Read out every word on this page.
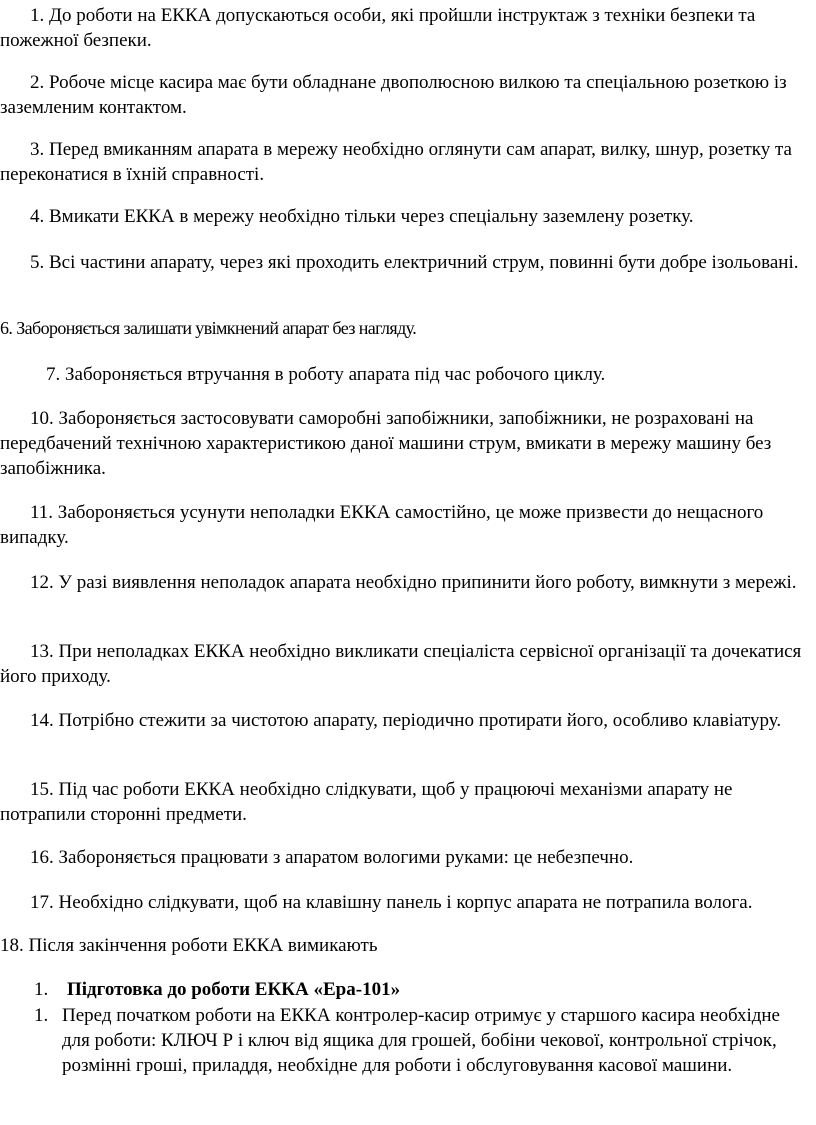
1. До роботи на ЕККА допускаються особи, які пройшли інструктаж з техніки безпеки та пожежної безпеки.

2. Робоче місце касира має бути обладнане двополюсною вилкою та спеціальною розеткою із заземленим контактом.

3. Перед вмиканням апарата в мережу необхідно оглянути сам апарат, вилку, шнур, розетку та переконатися в їхній справності.

4. Вмикати ЕККА в мережу необхідно тільки через спеціальну заземлену розетку.

5. Всі частини апарату, через які проходить електричний струм, повинні бути добре ізольовані.

6. Забороняється залишати увімкнений апарат без нагляду.

7. Забороняється втручання в роботу апарата під час робочого циклу.

10. Забороняється застосовувати саморобні запобіжники, запобіжники, не розраховані на передбачений технічною характеристикою даної машини струм, вмикати в мережу машину без запобіжника.

11. Забороняється усунути неполадки ЕККА самостійно, це може призвести до нещасного випадку.

12. У разі виявлення неполадок апарата необхідно припинити його роботу, вимкнути з мережі.

13. При неполадках ЕККА необхідно викликати спеціаліста сервісної організації та дочекатися його приходу.

14. Потрібно стежити за чистотою апарату, періодично протирати його, особливо клавіатуру.

15. Під час роботи ЕККА необхідно слідкувати, щоб у працюючі механізми апарату не потрапили сторонні предмети.

16. Забороняється працювати з апаратом вологими руками: це небезпечно.

17. Необхідно слідкувати, щоб на клавішну панель і корпус апарата не потрапила волога.

18. Після закінчення роботи ЕККА вимикають

1. Підготовка до роботи ЕККА «Ера-101»
1. Перед початком роботи на ЕККА контролер-касир отримує у старшого касира необхідне для роботи: КЛЮЧ Р і ключ від ящика для грошей, бобіни чекової, контрольної стрічок, розмінні гроші, приладдя, необхідне для роботи і обслуговування касової машини.
